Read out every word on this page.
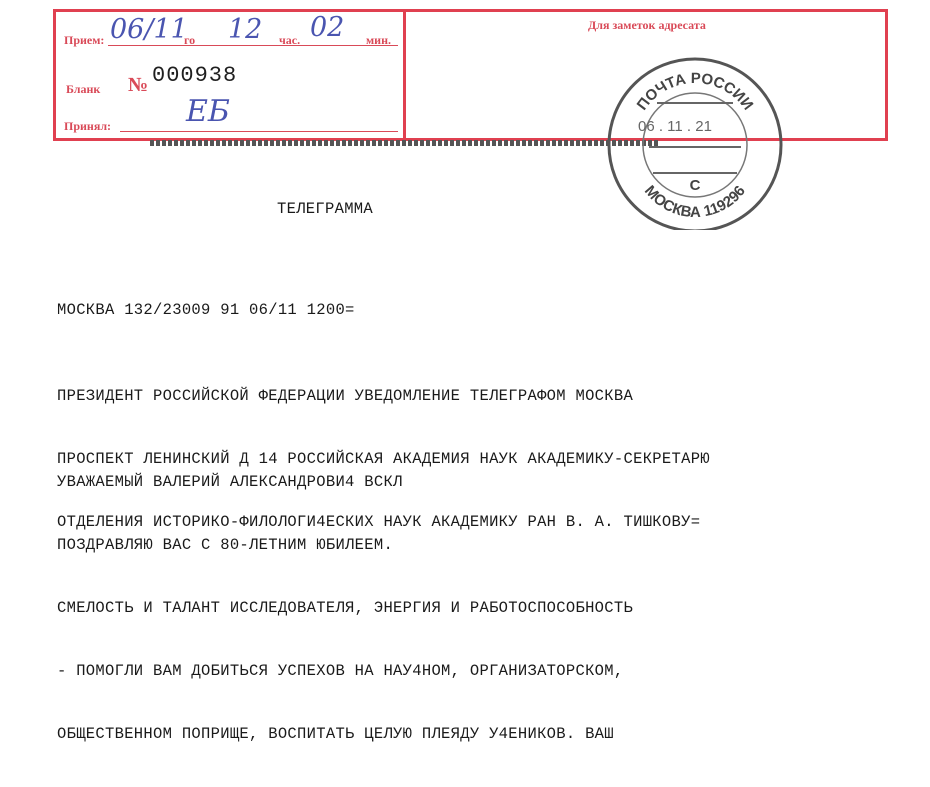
Прием:	го	час.	мин.
06/11 12 02
Бланк № 000938
Принял: ЕБ
Для заметок адресата
ПОЧТА РОССИИ
МОСКВА 119296
С
06 . 11 . 21
ТЕЛЕГРАММА
МОСКВА 132/23009 91 06/11 1200=

ПРЕЗИДЕНТ РОССИЙСКОЙ ФЕДЕРАЦИИ УВЕДОМЛЕНИЕ ТЕЛЕГРАФОМ МОСКВА

ПРОСПЕКТ ЛЕНИНСКИЙ Д 14 РОССИЙСКАЯ АКАДЕМИЯ НАУК АКАДЕМИКУ-СЕКРЕТАРЮ

ОТДЕЛЕНИЯ ИСТОРИКО-ФИЛОЛОГИ4ЕСКИХ НАУК АКАДЕМИКУ РАН В. А. ТИШКОВУ=

УВАЖАЕМЫЙ ВАЛЕРИЙ АЛЕКСАНДРОВИ4 ВСКЛ

ПОЗДРАВЛЯЮ ВАС С 80-ЛЕТНИМ ЮБИЛЕЕМ.

СМЕЛОСТЬ И ТАЛАНТ ИССЛЕДОВАТЕЛЯ, ЭНЕРГИЯ И РАБОТОСПОСОБНОСТЬ

- ПОМОГЛИ ВАМ ДОБИТЬСЯ УСПЕХОВ НА НАУ4НОМ, ОРГАНИЗАТОРСКОМ,

ОБЩЕСТВЕННОМ ПОПРИЩЕ, ВОСПИТАТЬ ЦЕЛУЮ ПЛЕЯДУ У4ЕНИКОВ. ВАШ
